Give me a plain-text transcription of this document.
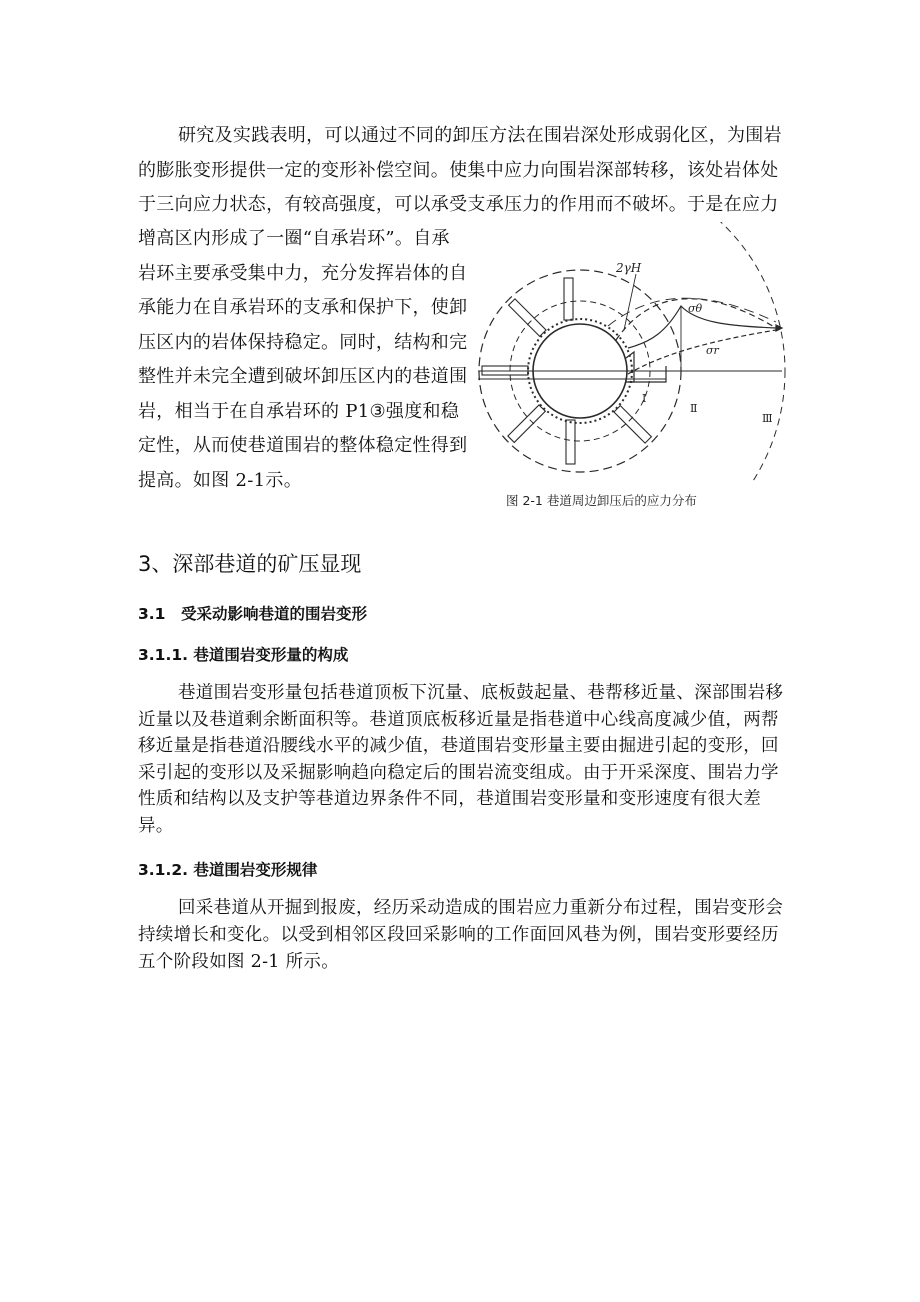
研究及实践表明，可以通过不同的卸压方法在围岩深处形成弱化区，为围岩的膨胀变形提供一定的变形补偿空间。使集中应力向围岩深部转移，该处岩体处于三向应力状态，有较高强度，可以承受支承压力的作用而不破坏。于是在应力

增高区内形成了一圈“自承岩环”。自承岩环主要承受集中力，充分发挥岩体的自承能力在自承岩环的支承和保护下，使卸压区内的岩体保持稳定。同时，结构和完整性并未完全遭到破坏卸压区内的巷道围岩，相当于在自承岩环的 P1③强度和稳定性，从而使巷道围岩的整体稳定性得到提高。如图 2-1示。

2γH
σθ
σr
Ⅰ
Ⅱ
Ⅲ
图 2-1 巷道周边卸压后的应力分布
3、深部巷道的矿压显现
3.1　受采动影响巷道的围岩变形
3.1.1. 巷道围岩变形量的构成

巷道围岩变形量包括巷道顶板下沉量、底板鼓起量、巷帮移近量、深部围岩移近量以及巷道剩余断面积等。巷道顶底板移近量是指巷道中心线高度减少值，两帮移近量是指巷道沿腰线水平的减少值，巷道围岩变形量主要由掘进引起的变形，回采引起的变形以及采掘影响趋向稳定后的围岩流变组成。由于开采深度、围岩力学性质和结构以及支护等巷道边界条件不同，巷道围岩变形量和变形速度有很大差异。

3.1.2. 巷道围岩变形规律

回采巷道从开掘到报废，经历采动造成的围岩应力重新分布过程，围岩变形会持续增长和变化。以受到相邻区段回采影响的工作面回风巷为例，围岩变形要经历五个阶段如图 2-1 所示。
